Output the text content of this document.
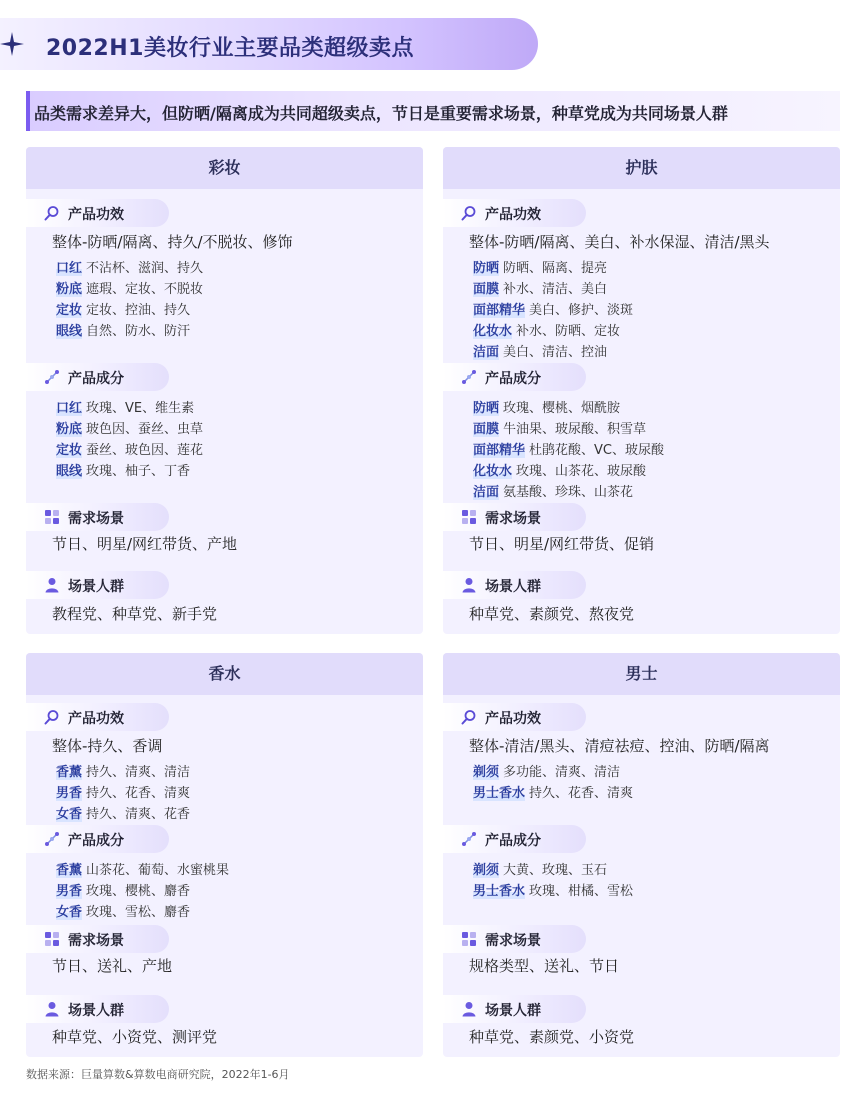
2022H1美妆行业主要品类超级卖点
品类需求差异大，但防晒/隔离成为共同超级卖点，节日是重要需求场景，种草党成为共同场景人群
彩妆
产品功效
整体-防晒/隔离、持久/不脱妆、修饰
口红 不沾杯、滋润、持久
粉底 遮瑕、定妆、不脱妆
定妆 定妆、控油、持久
眼线 自然、防水、防汗
产品成分
口红 玫瑰、VE、维生素
粉底 玻色因、蚕丝、虫草
定妆 蚕丝、玻色因、莲花
眼线 玫瑰、柚子、丁香
需求场景
节日、明星/网红带货、产地
场景人群
教程党、种草党、新手党
护肤
产品功效
整体-防晒/隔离、美白、补水保湿、清洁/黑头
防晒 防晒、隔离、提亮
面膜 补水、清洁、美白
面部精华 美白、修护、淡斑
化妆水 补水、防晒、定妆
洁面 美白、清洁、控油
产品成分
防晒 玫瑰、樱桃、烟酰胺
面膜 牛油果、玻尿酸、积雪草
面部精华 杜鹃花酸、VC、玻尿酸
化妆水 玫瑰、山茶花、玻尿酸
洁面 氨基酸、珍珠、山茶花
需求场景
节日、明星/网红带货、促销
场景人群
种草党、素颜党、熬夜党
香水
产品功效
整体-持久、香调
香薰 持久、清爽、清洁
男香 持久、花香、清爽
女香 持久、清爽、花香
产品成分
香薰 山茶花、葡萄、水蜜桃果
男香 玫瑰、樱桃、麝香
女香 玫瑰、雪松、麝香
需求场景
节日、送礼、产地
场景人群
种草党、小资党、测评党
男士
产品功效
整体-清洁/黑头、清痘祛痘、控油、防晒/隔离
剃须 多功能、清爽、清洁
男士香水 持久、花香、清爽
产品成分
剃须 大黄、玫瑰、玉石
男士香水 玫瑰、柑橘、雪松
需求场景
规格类型、送礼、节日
场景人群
种草党、素颜党、小资党
数据来源：巨量算数&算数电商研究院，2022年1-6月
